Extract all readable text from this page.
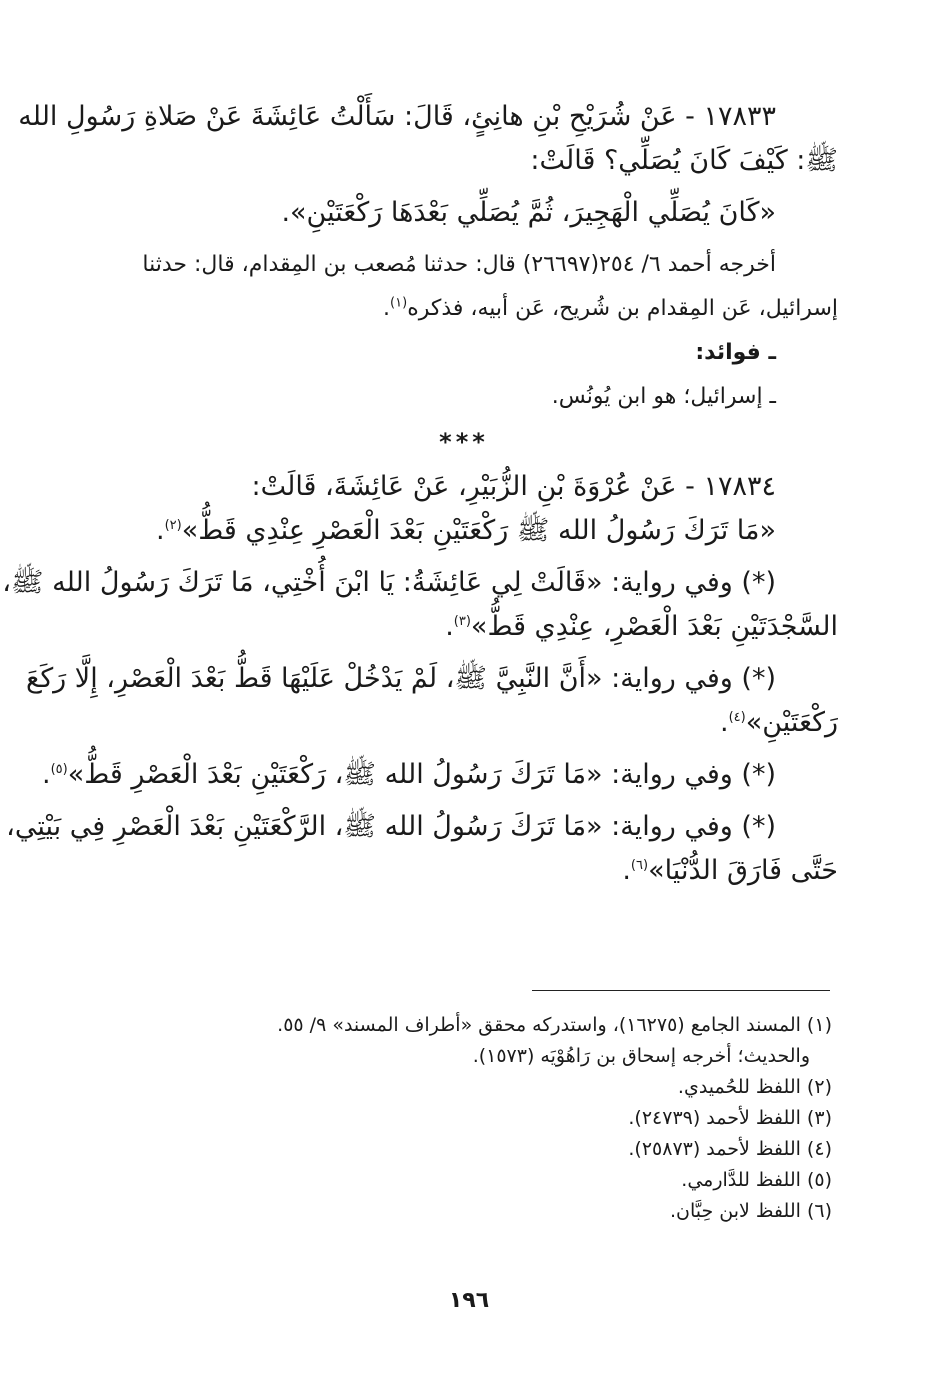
١٧٨٣٣ - عَنْ شُرَيْحِ بْنِ هانِئٍ، قَالَ: سَأَلْتُ عَائِشَةَ عَنْ صَلاةِ رَسُولِ الله
ﷺ: كَيْفَ كَانَ يُصَلِّي؟ قَالَتْ:
«كَانَ يُصَلِّي الْهَجِيرَ، ثُمَّ يُصَلِّي بَعْدَهَا رَكْعَتَيْنِ».
أخرجه أحمد ٦/ ٢٥٤(٢٦٦٩٧) قال: حدثنا مُصعب بن المِقدام، قال: حدثنا
إسرائيل، عَن المِقدام بن شُريح، عَن أبيه، فذكره$^{(١)}$.
ـ فوائد:
ـ إسرائيل؛ هو ابن يُونُس.
***
١٧٨٣٤ - عَنْ عُرْوَةَ بْنِ الزُّبَيْرِ، عَنْ عَائِشَةَ، قَالَتْ:
«مَا تَرَكَ رَسُولُ الله ﷺ رَكْعَتَيْنِ بَعْدَ الْعَصْرِ عِنْدِي قَطُّ»$^{(٢)}$.
(*) وفي رواية: «قَالَتْ لِي عَائِشَةُ: يَا ابْنَ أُخْتِي، مَا تَرَكَ رَسُولُ الله ﷺ،
السَّجْدَتَيْنِ بَعْدَ الْعَصْرِ، عِنْدِي قَطُّ»$^{(٣)}$.
(*) وفي رواية: «أَنَّ النَّبِيَّ ﷺ، لَمْ يَدْخُلْ عَلَيْهَا قَطُّ بَعْدَ الْعَصْرِ، إِلَّا رَكَعَ
رَكْعَتَيْنِ»$^{(٤)}$.
(*) وفي رواية: «مَا تَرَكَ رَسُولُ الله ﷺ، رَكْعَتَيْنِ بَعْدَ الْعَصْرِ قَطُّ»$^{(٥)}$.
(*) وفي رواية: «مَا تَرَكَ رَسُولُ الله ﷺ، الرَّكْعَتَيْنِ بَعْدَ الْعَصْرِ فِي بَيْتِي،
حَتَّى فَارَقَ الدُّنْيَا»$^{(٦)}$.
(١) المسند الجامع (١٦٢٧٥)، واستدركه محقق «أطراف المسند» ٩/ ٥٥.
والحديث؛ أخرجه إسحاق بن رَاهُوْيَه (١٥٧٣).
(٢) اللفظ للحُميدي.
(٣) اللفظ لأحمد (٢٤٧٣٩).
(٤) اللفظ لأحمد (٢٥٨٧٣).
(٥) اللفظ للدَّارمي.
(٦) اللفظ لابن حِبَّان.
١٩٦
